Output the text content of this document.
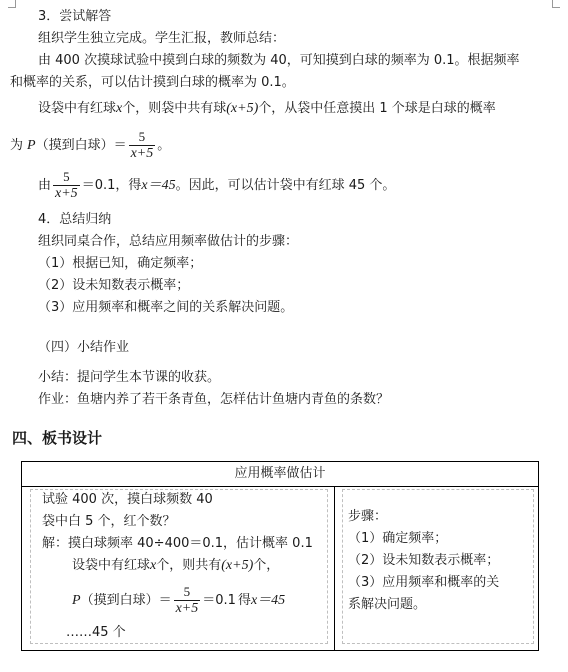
3．尝试解答
组织学生独立完成。学生汇报，教师总结：
由 400 次摸球试验中摸到白球的频数为 40，可知摸到白球的频率为 0.1。根据频率
和概率的关系，可以估计摸到白球的概率为 0.1。
设袋中有红球x个，则袋中共有球(x+5)个，从袋中任意摸出 1 个球是白球的概率
为 P（摸到白球）＝ $\frac{5}{x+5}$ 。
由 $\frac{5}{x+5} =0.1$，得x＝45。因此，可以估计袋中有红球 45 个。
4．总结归纳
组织同桌合作，总结应用频率做估计的步骤：
（1）根据已知，确定频率；
（2）设未知数表示概率；
（3）应用频率和概率之间的关系解决问题。
（四）小结作业
小结：提问学生本节课的收获。
作业：鱼塘内养了若干条青鱼，怎样估计鱼塘内青鱼的条数？
四、板书设计
应用概率做估计
试验 400 次，摸白球频数 40
袋中白 5 个，红个数？
解：摸白球频率 40÷400＝0.1，估计概率 0.1
设袋中有红球x个，则共有(x+5)个，
P（摸到白球）＝ $\frac{5}{x+5} =0.1$ 得x＝45
……45 个
步骤：
（1）确定频率；
（2）设未知数表示概率；
（3）应用频率和概率的关
系解决问题。
